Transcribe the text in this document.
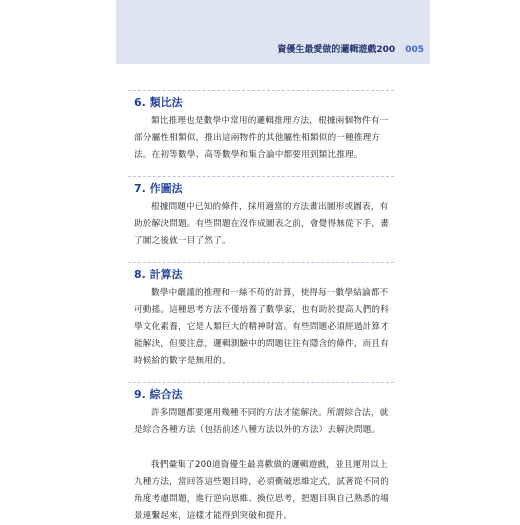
資優生最愛做的邏輯遊戲200 005
6. 類比法
類比推理也是數學中常用的邏輯推理方法，根據兩個物件有一部分屬性相類似，推出這兩物件的其他屬性相類似的一種推理方法。在初等數學、高等數學和集合論中都要用到類比推理。
7. 作圖法
根據問題中已知的條件，採用適當的方法畫出圖形或圖表，有助於解決問題。有些問題在沒作成圖表之前，會覺得無從下手，畫了圖之後就一目了然了。
8. 計算法
數學中嚴謹的推理和一絲不苟的計算，使得每一數學結論都不可動搖。這種思考方法不僅培養了數學家，也有助於提高人們的科學文化素養，它是人類巨大的精神財富。有些問題必須經過計算才能解決，但要注意，邏輯測驗中的問題往往有隱含的條件，而且有時候給的數字是無用的。
9. 綜合法
許多問題都要運用幾種不同的方法才能解決。所謂綜合法，就是綜合各種方法（包括前述八種方法以外的方法）去解決問題。
我們彙集了200道資優生最喜歡做的邏輯遊戲，並且運用以上九種方法，當回答這些題目時，必須衝破思維定式，試著從不同的角度考慮問題，進行逆向思維、換位思考，把題目與自己熟悉的場景連繫起來，這樣才能得到突破和提升。
